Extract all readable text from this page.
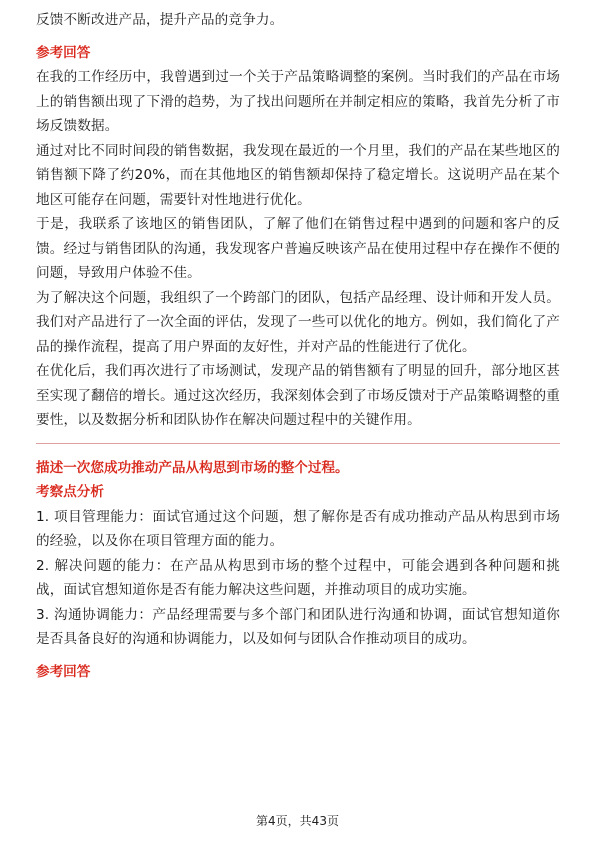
反馈不断改进产品，提升产品的竞争力。

参考回答

在我的工作经历中，我曾遇到过一个关于产品策略调整的案例。当时我们的产品在市场上的销售额出现了下滑的趋势，为了找出问题所在并制定相应的策略，我首先分析了市场反馈数据。

通过对比不同时间段的销售数据，我发现在最近的一个月里，我们的产品在某些地区的销售额下降了约20%，而在其他地区的销售额却保持了稳定增长。这说明产品在某个地区可能存在问题，需要针对性地进行优化。

于是，我联系了该地区的销售团队，了解了他们在销售过程中遇到的问题和客户的反馈。经过与销售团队的沟通，我发现客户普遍反映该产品在使用过程中存在操作不便的问题，导致用户体验不佳。

为了解决这个问题，我组织了一个跨部门的团队，包括产品经理、设计师和开发人员。我们对产品进行了一次全面的评估，发现了一些可以优化的地方。例如，我们简化了产品的操作流程，提高了用户界面的友好性，并对产品的性能进行了优化。

在优化后，我们再次进行了市场测试，发现产品的销售额有了明显的回升，部分地区甚至实现了翻倍的增长。通过这次经历，我深刻体会到了市场反馈对于产品策略调整的重要性，以及数据分析和团队协作在解决问题过程中的关键作用。

描述一次您成功推动产品从构思到市场的整个过程。

考察点分析

1. 项目管理能力：面试官通过这个问题，想了解你是否有成功推动产品从构思到市场的经验，以及你在项目管理方面的能力。

2. 解决问题的能力：在产品从构思到市场的整个过程中，可能会遇到各种问题和挑战，面试官想知道你是否有能力解决这些问题，并推动项目的成功实施。

3. 沟通协调能力：产品经理需要与多个部门和团队进行沟通和协调，面试官想知道你是否具备良好的沟通和协调能力，以及如何与团队合作推动项目的成功。

参考回答

第4页，共43页
